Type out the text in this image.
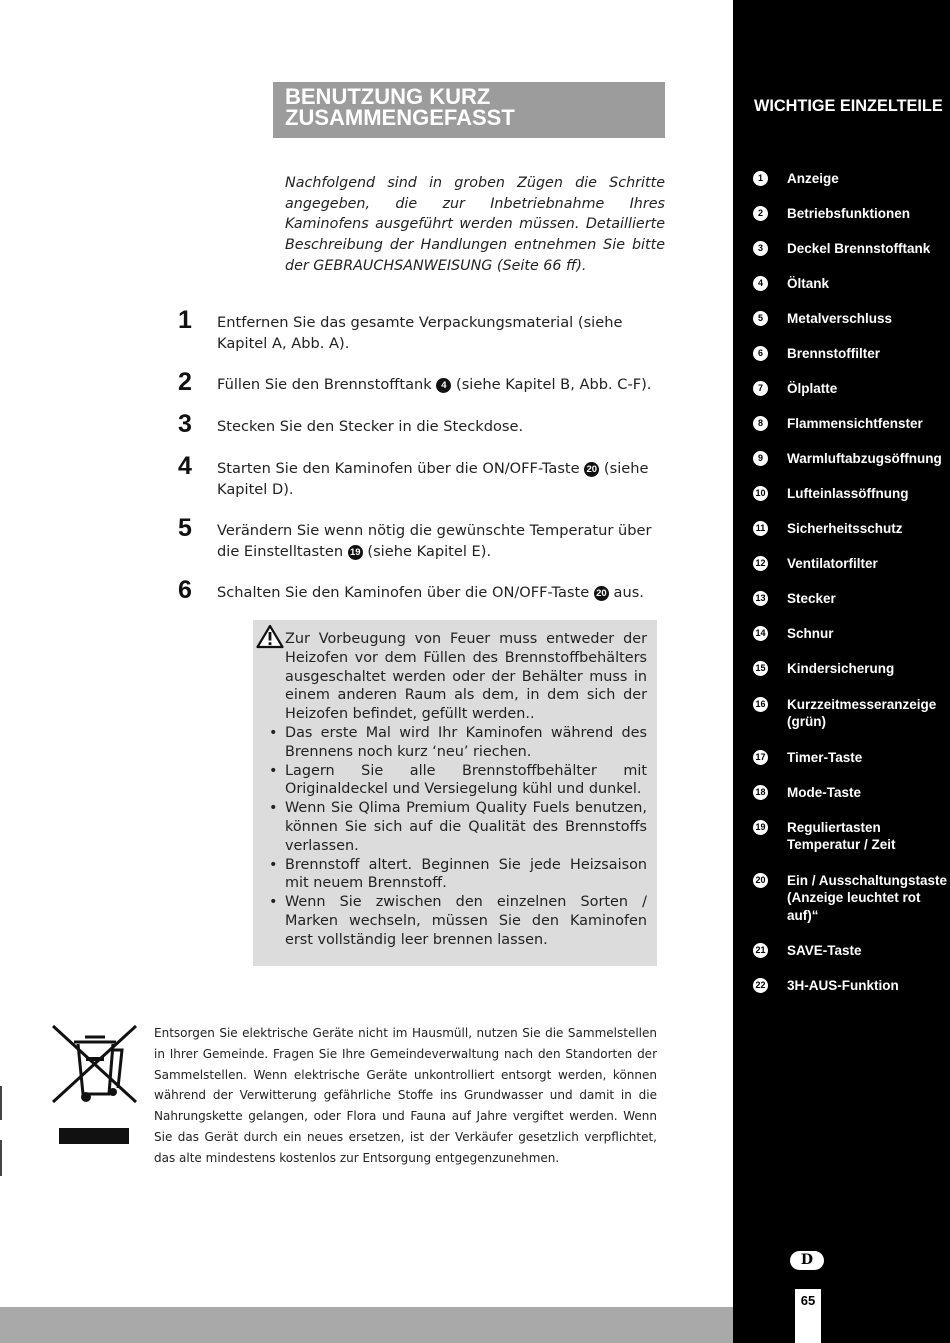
BENUTZUNG KURZ
ZUSAMMENGEFASST
Nachfolgend sind in groben Zügen die Schritte angegeben, die zur Inbetriebnahme Ihres Kaminofens ausgeführt werden müssen. Detaillierte Beschreibung der Handlungen entnehmen Sie bitte der GEBRAUCHSANWEISUNG (Seite 66 ff).
1 Entfernen Sie das gesamte Verpackungsmaterial (siehe Kapitel A, Abb. A).
2 Füllen Sie den Brennstofftank 4 (siehe Kapitel B, Abb. C-F).
3 Stecken Sie den Stecker in die Steckdose.
4 Starten Sie den Kaminofen über die ON/OFF-Taste 20 (siehe Kapitel D).
5 Verändern Sie wenn nötig die gewünschte Temperatur über die Einstelltasten 19 (siehe Kapitel E).
6 Schalten Sie den Kaminofen über die ON/OFF-Taste 20 aus.
Zur Vorbeugung von Feuer muss entweder der Heizofen vor dem Füllen des Brennstoffbehälters ausgeschaltet werden oder der Behälter muss in einem anderen Raum als dem, in dem sich der Heizofen befindet, gefüllt werden..
• Das erste Mal wird Ihr Kaminofen während des Brennens noch kurz ‘neu’ riechen.
• Lagern Sie alle Brennstoffbehälter mit Originaldeckel und Versiegelung kühl und dunkel.
• Wenn Sie Qlima Premium Quality Fuels benutzen, können Sie sich auf die Qualität des Brennstoffs verlassen.
• Brennstoff altert. Beginnen Sie jede Heizsaison mit neuem Brennstoff.
• Wenn Sie zwischen den einzelnen Sorten / Marken wechseln, müssen Sie den Kaminofen erst vollständig leer brennen lassen.
Entsorgen Sie elektrische Geräte nicht im Hausmüll, nutzen Sie die Sammelstellen in Ihrer Gemeinde. Fragen Sie Ihre Gemeindeverwaltung nach den Standorten der Sammelstellen. Wenn elektrische Geräte unkontrolliert entsorgt werden, können während der Verwitterung gefährliche Stoffe ins Grundwasser und damit in die Nahrungskette gelangen, oder Flora und Fauna auf Jahre vergiftet werden. Wenn Sie das Gerät durch ein neues ersetzen, ist der Verkäufer gesetzlich verpflichtet, das alte mindestens kostenlos zur Entsorgung entgegenzunehmen.
WICHTIGE EINZELTEILE
1	Anzeige
2	Betriebsfunktionen
3	Deckel Brennstofftank
4	Öltank
5	Metalverschluss
6	Brennstoffilter
7	Ölplatte
8	Flammensichtfenster
9	Warmluftabzugsöffnung
10 Lufteinlassöffnung
11 Sicherheitsschutz
12 Ventilatorfilter
13 Stecker
14 Schnur
15 Kindersicherung
16 Kurzzeitmesseranzeige (grün)
17 Timer-Taste
18 Mode-Taste
19 Reguliertasten Temperatur / Zeit
20 Ein / Ausschaltungstaste (Anzeige leuchtet rot auf)“
21 SAVE-Taste
22 3H-AUS-Funktion
D
65
